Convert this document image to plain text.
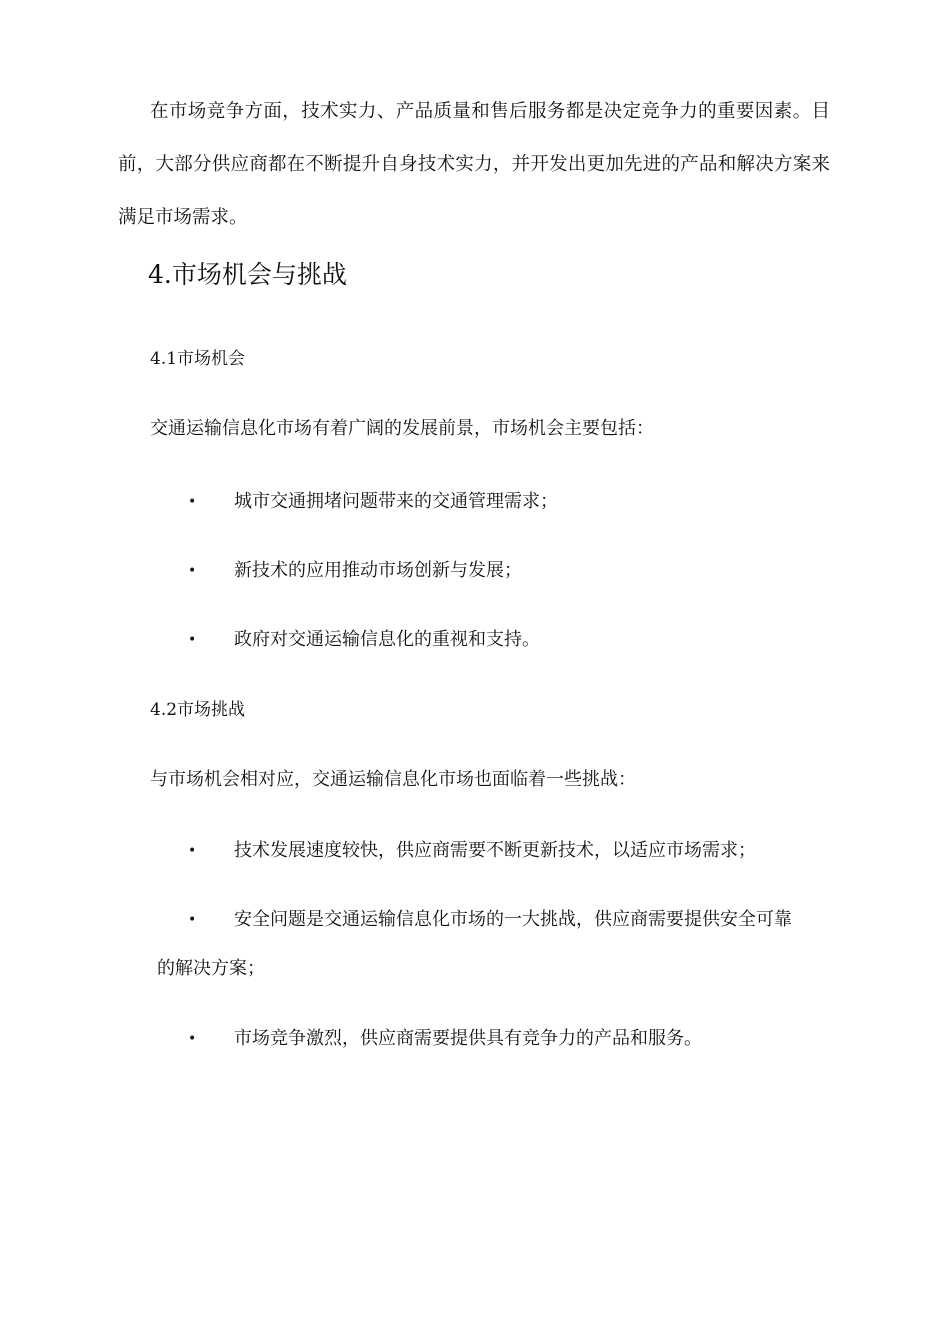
在市场竞争方面，技术实力、产品质量和售后服务都是决定竞争力的重要因素。目前，大部分供应商都在不断提升自身技术实力，并开发出更加先进的产品和解决方案来满足市场需求。

4.市场机会与挑战
4.1市场机会

交通运输信息化市场有着广阔的发展前景，市场机会主要包括：

• 城市交通拥堵问题带来的交通管理需求；
• 新技术的应用推动市场创新与发展；
• 政府对交通运输信息化的重视和支持。
4.2市场挑战

与市场机会相对应，交通运输信息化市场也面临着一些挑战：

• 技术发展速度较快，供应商需要不断更新技术，以适应市场需求；
• 安全问题是交通运输信息化市场的一大挑战，供应商需要提供安全可靠
的解决方案；
• 市场竞争激烈，供应商需要提供具有竞争力的产品和服务。
